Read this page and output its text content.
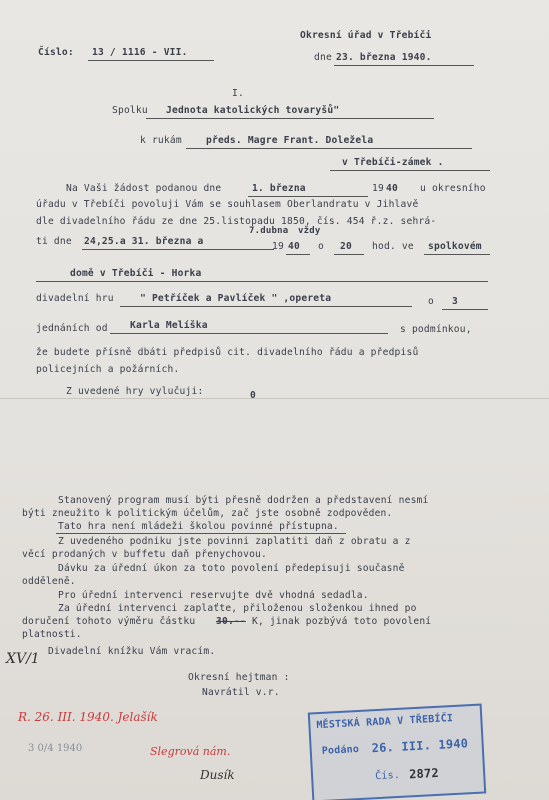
Okresní úřad v Třebíči
Číslo: 13 / 1116 - VII.	dne 23. března 1940.
I.
Spolku Jednota katolických tovaryšů"
k rukám	předs. Magre Frant. Doležela
v Třebíči-zámek .
Na Vaši žádost podanou dne	1. března	19 40 u okresního
úřadu v Třebíči povoluji Vám se souhlasem Oberlandratu v Jihlavě
dle divadelního řádu ze dne 25.listopadu 1850, čís. 454 ř.z. sehrá-
ti dne 24,25.a 31. března a
7.dubna
19 40
vždy
o 20 hod. ve spolkovém
domě v Třebíči - Horka
divadelní hru	" Petříček a Pavlíček " ,opereta	o 3
jednáních od Karla Melíška	s podmínkou,
že budete přísně dbáti předpisů cit. divadelního řádu a předpisů
policejních a požárních.
Z uvedené hry vylučuji:	0
Stanovený program musí býti přesně dodržen a představení nesmí
býti zneužito k politickým účelům, zač jste osobně zodpověden.
Tato hra není mládeži školou povinné přístupna.
Z uvedeného podniku jste povinni zaplatiti daň z obratu a z
věcí prodaných v buffetu daň přenychovou.
Dávku za úřední úkon za toto povolení předepisuji současně
odděleně.
Pro úřední intervenci reservujte dvě vhodná sedadla.
Za úřední intervenci zaplaťte, přiloženou složenkou ihned po
doručení tohoto výměru částku 30.-- K, jinak pozbývá toto povolení
platnosti.
Divadelní knížku Vám vracím.
Okresní hejtman :
Navrátil v.r.
XV/1
R. 26. III. 1940. Jelašík
Slegrová nám.
3 0/4 1940
Dusík
MĚSTSKÁ RADA V TŘEBÍČI
Podáno 26. III. 1940
Čís. 2872
